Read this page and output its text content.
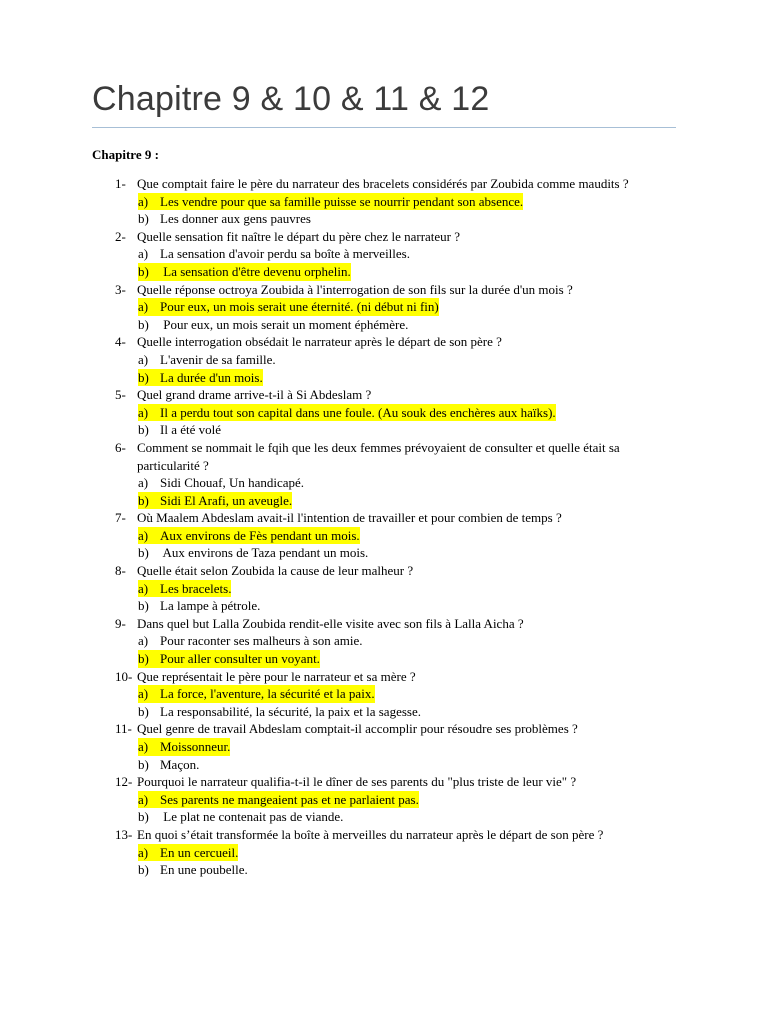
Chapitre 9 & 10 & 11 & 12
Chapitre 9 :
1- Que comptait faire le père du narrateur des bracelets considérés par Zoubida comme maudits ?
a) Les vendre pour que sa famille puisse se nourrir pendant son absence.
b) Les donner aux gens pauvres
2- Quelle sensation fit naître le départ du père chez le narrateur ?
a) La sensation d'avoir perdu sa boîte à merveilles.
b) La sensation d'être devenu orphelin.
3- Quelle réponse octroya Zoubida à l'interrogation de son fils sur la durée d'un mois ?
a) Pour eux, un mois serait une éternité. (ni début ni fin)
b) Pour eux, un mois serait un moment éphémère.
4- Quelle interrogation obsédait le narrateur après le départ de son père ?
a) L'avenir de sa famille.
b) La durée d'un mois.
5- Quel grand drame arrive-t-il à Si Abdeslam ?
a) Il a perdu tout son capital dans une foule. (Au souk des enchères aux haïks).
b) Il a été volé
6- Comment se nommait le fqih que les deux femmes prévoyaient de consulter et quelle était sa particularité ?
a) Sidi Chouaf, Un handicapé.
b) Sidi El Arafi, un aveugle.
7- Où Maalem Abdeslam avait-il l'intention de travailler et pour combien de temps ?
a) Aux environs de Fès pendant un mois.
b) Aux environs de Taza pendant un mois.
8- Quelle était selon Zoubida la cause de leur malheur ?
a) Les bracelets.
b) La lampe à pétrole.
9- Dans quel but Lalla Zoubida rendit-elle visite avec son fils à Lalla Aicha ?
a) Pour raconter ses malheurs à son amie.
b) Pour aller consulter un voyant.
10- Que représentait le père pour le narrateur et sa mère ?
a) La force, l'aventure, la sécurité et la paix.
b) La responsabilité, la sécurité, la paix et la sagesse.
11- Quel genre de travail Abdeslam comptait-il accomplir pour résoudre ses problèmes ?
a) Moissonneur.
b) Maçon.
12- Pourquoi le narrateur qualifia-t-il le dîner de ses parents du "plus triste de leur vie" ?
a) Ses parents ne mangeaient pas et ne parlaient pas.
b) Le plat ne contenait pas de viande.
13- En quoi s’était transformée la boîte à merveilles du narrateur après le départ de son père ?
a) En un cercueil.
b) En une poubelle.
